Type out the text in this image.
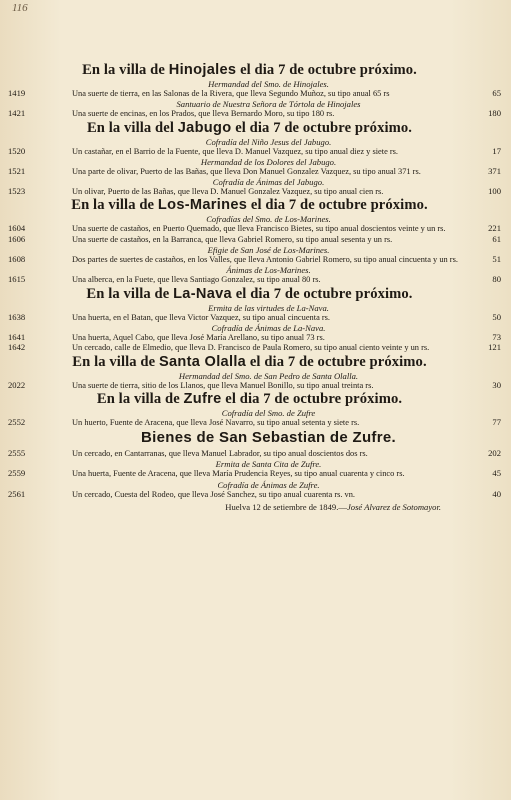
116
En la villa de Hinojales el dia 7 de octubre próximo.
Hermandad del Smo. de Hinojales.
1419	Una suerte de tierra, en las Salonas de la Rivera, que lleva Segundo Muñoz, su tipo anual 65 rs	65
Santuario de Nuestra Señora de Tórtola de Hinojales
1421	Una suerte de encinas, en los Prados, que lleva Bernardo Moro, su tipo 180 rs.	180
En la villa del Jabugo el dia 7 de octubre próximo.
Cofradía del Niño Jesus del Jabugo.
1520	Un castañar, en el Barrio de la Fuente, que lleva D. Manuel Vazquez, su tipo anual diez y siete rs.	17
Hermandad de los Dolores del Jabugo.
1521	Una parte de olivar, Puerto de las Bañas, que lleva Don Manuel Gonzalez Vazquez, su tipo anual 371 rs.	371
Cofradía de Ánimas del Jabugo.
1523	Un olivar, Puerto de las Bañas, que lleva D. Manuel Gonzalez Vazquez, su tipo anual cien rs.	100
En la villa de Los-Marines el dia 7 de octubre próximo.
Cofradías del Smo. de Los-Marines.
1604	Una suerte de castaños, en Puerto Quemado, que lleva Francisco Bietes, su tipo anual doscientos veinte y un rs.	221
1606	Una suerte de castaños, en la Barranca, que lleva Gabriel Romero, su tipo anual sesenta y un rs.	61
Efigie de San José de Los-Marines.
1608	Dos partes de suertes de castaños, en los Valles, que lleva Antonio Gabriel Romero, su tipo anual cincuenta y un rs.	51
Ánimas de Los-Marines.
1615	Una alberca, en la Fuete, que lleva Santiago Gonzalez, su tipo anual 80 rs.	80
En la villa de La-Nava el dia 7 de octubre próximo.
Ermita de las virtudes de La-Nava.
1638	Una huerta, en el Batan, que lleva Victor Vazquez, su tipo anual cincuenta rs.	50
Cofradía de Ánimas de La-Nava.
1641	Una huerta, Aquel Cabo, que lleva José María Arellano, su tipo anual 73 rs.	73
1642	Un cercado, calle de Elmedio, que lleva D. Francisco de Paula Romero, su tipo anual ciento veinte y un rs.	121
En la villa de Santa Olalla el dia 7 de octubre próximo.
Hermandad del Smo. de San Pedro de Santa Olalla.
2022	Una suerte de tierra, sitio de los Llanos, que lleva Manuel Bonillo, su tipo anual treinta rs.	30
En la villa de Zufre el dia 7 de octubre próximo.
Cofradía del Smo. de Zufre
2552	Un huerto, Fuente de Aracena, que lleva José Navarro, su tipo anual setenta y siete rs.	77
Bienes de San Sebastian de Zufre.
2555	Un cercado, en Cantarranas, que lleva Manuel Labrador, su tipo anual doscientos dos rs.	202
Ermita de Santa Cita de Zufre.
2559	Una huerta, Fuente de Aracena, que lleva María Prudencia Reyes, su tipo anual cuarenta y cinco rs.	45
Cofradía de Ánimas de Zufre.
2561	Un cercado, Cuesta del Rodeo, que lleva José Sanchez, su tipo anual cuarenta rs. vn.	40
Huelva 12 de setiembre de 1849.—José Alvarez de Sotomayor.
